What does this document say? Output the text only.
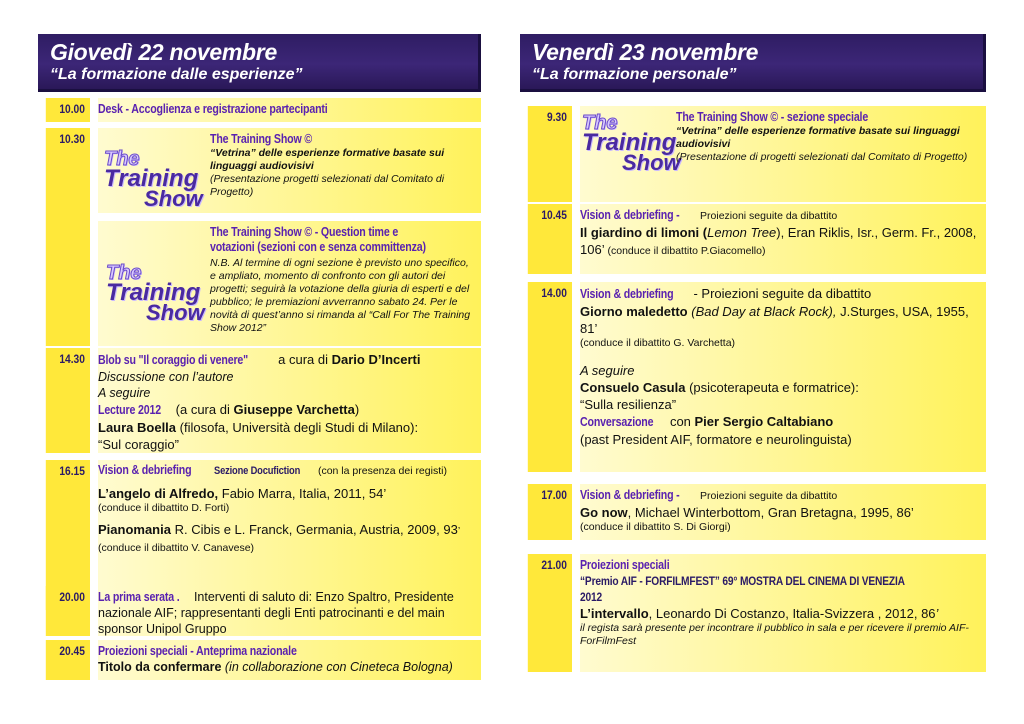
Giovedì 22 novembre
“La formazione dalle esperienze”
10.00	Desk - Accoglienza e registrazione partecipanti
10.30
The
Training
Show
The Training Show ©
“Vetrina” delle esperienze formative basate sui linguaggi audiovisivi
(Presentazione progetti selezionati dal Comitato di Progetto)
The
Training
Show
The Training Show © - Question time e votazioni (sezioni con e senza committenza)
N.B. Al termine di ogni sezione è previsto uno specifico, e ampliato, momento di confronto con gli autori dei progetti; seguirà la votazione della giuria di esperti e del pubblico; le premiazioni avverranno sabato 24. Per le novità di quest’anno si rimanda al “Call For The Training Show 2012”
14.30	Blob su "Il coraggio di venere" a cura di Dario D’Incerti
Discussione con l’autore
A seguire
Lecture 2012 (a cura di Giuseppe Varchetta)
Laura Boella (filosofa, Università degli Studi di Milano):
“Sul coraggio”
16.15	Vision & debriefing Sezione Docufiction (con la presenza dei registi)
L’angelo di Alfredo, Fabio Marra, Italia, 2011, 54’
(conduce il dibattito D. Forti)
Pianomania R. Cibis e L. Franck, Germania, Austria, 2009, 93’ (conduce il dibattito V. Canavese)
20.00	La prima serata . Interventi di saluto di: Enzo Spaltro, Presidente nazionale AIF; rappresentanti degli Enti patrocinanti e del main sponsor Unipol Gruppo
20.45	Proiezioni speciali - Anteprima nazionale
Titolo da confermare (in collaborazione con Cineteca Bologna)
Venerdì 23 novembre
“La formazione personale”
9.30 The
Training
Show
The Training Show © - sezione speciale
“Vetrina” delle esperienze formative basate sui linguaggi audiovisivi
(Presentazione di progetti selezionati dal Comitato di Progetto)
10.45	Vision & debriefing - Proiezioni seguite da dibattito
Il giardino di limoni (Lemon Tree), Eran Riklis, Isr., Germ. Fr., 2008, 106’ (conduce il dibattito P.Giacomello)
14.00	Vision & debriefing - Proiezioni seguite da dibattito
Giorno maledetto (Bad Day at Black Rock), J.Sturges, USA, 1955, 81’
(conduce il dibattito G. Varchetta)
A seguire
Consuelo Casula (psicoterapeuta e formatrice):
“Sulla resilienza”
Conversazione con Pier Sergio Caltabiano
(past President AIF, formatore e neurolinguista)
17.00	Vision & debriefing - Proiezioni seguite da dibattito
Go now, Michael Winterbottom, Gran Bretagna, 1995, 86’
(conduce il dibattito S. Di Giorgi)
21.00	Proiezioni speciali “Premio AIF - FORFILMFEST” 69° MOSTRA DEL CINEMA DI VENEZIA 2012
L’intervallo, Leonardo Di Costanzo, Italia-Svizzera , 2012, 86’
il regista sarà presente per incontrare il pubblico in sala e per ricevere il premio AIF-ForFilmFest
